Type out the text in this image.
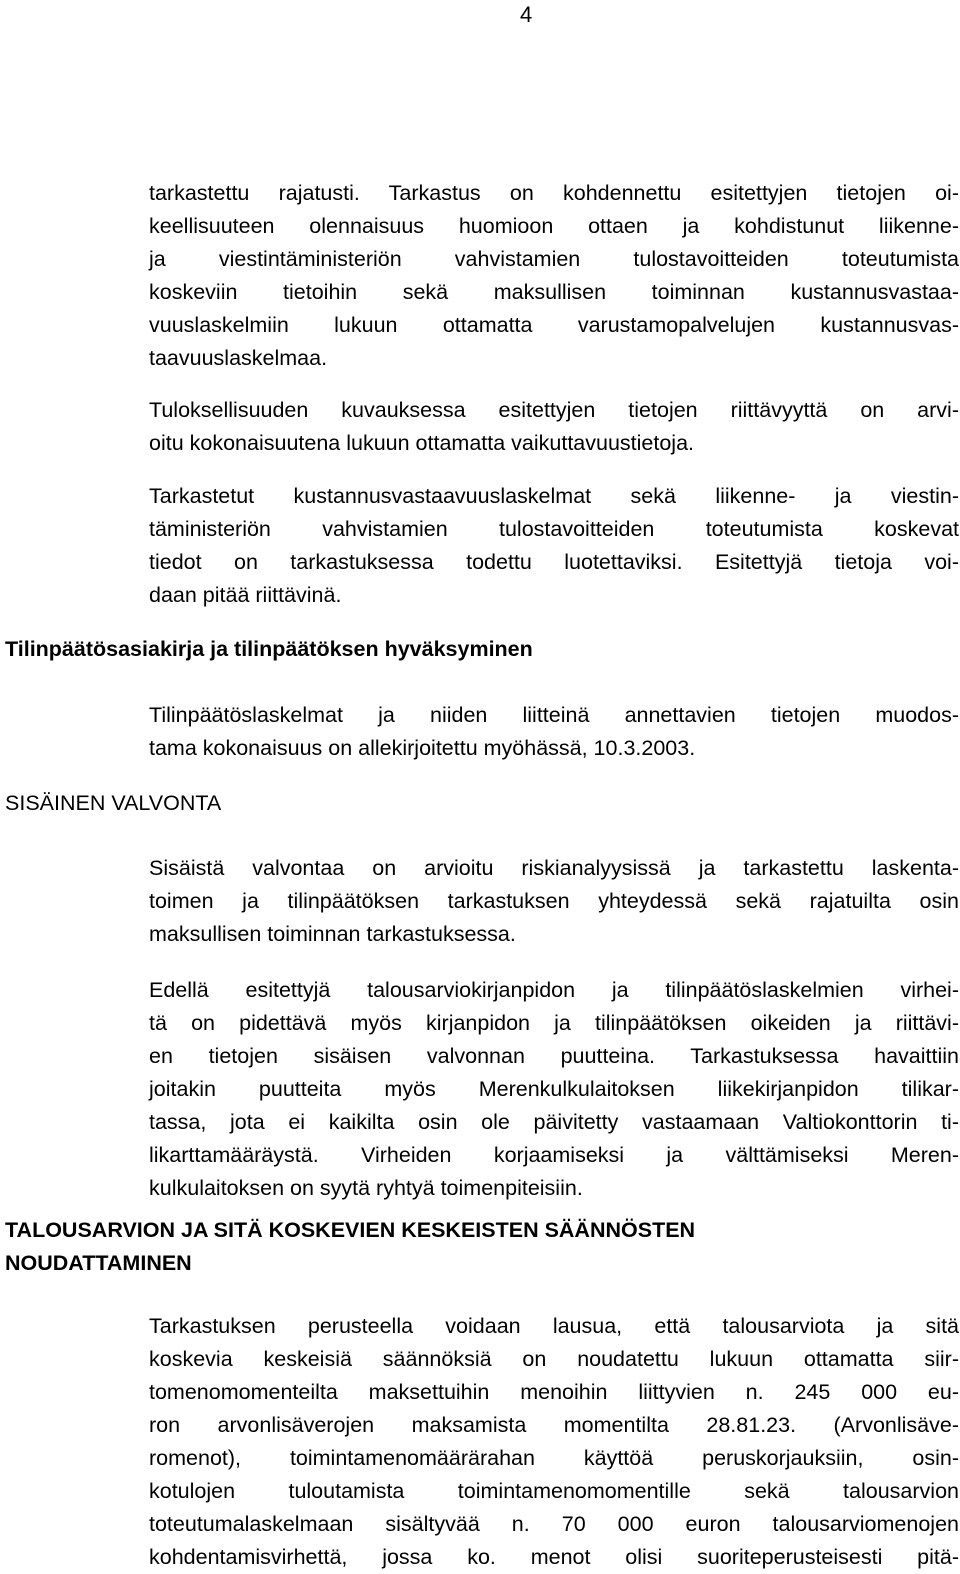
4
tarkastettu rajatusti. Tarkastus on kohdennettu esitettyjen tietojen oi-
keellisuuteen olennaisuus huomioon ottaen ja kohdistunut liikenne-
ja viestintäministeriön vahvistamien tulostavoitteiden toteutumista
koskeviin tietoihin sekä maksullisen toiminnan kustannusvastaa-
vuuslaskelmiin lukuun ottamatta varustamopalvelujen kustannusvas-
taavuuslaskelmaa.
Tuloksellisuuden kuvauksessa esitettyjen tietojen riittävyyttä on arvi-
oitu kokonaisuutena lukuun ottamatta vaikuttavuustietoja.
Tarkastetut kustannusvastaavuuslaskelmat sekä liikenne- ja viestin-
täministeriön vahvistamien tulostavoitteiden toteutumista koskevat
tiedot on tarkastuksessa todettu luotettaviksi. Esitettyjä tietoja voi-
daan pitää riittävinä.
Tilinpäätösasiakirja ja tilinpäätöksen hyväksyminen
Tilinpäätöslaskelmat ja niiden liitteinä annettavien tietojen muodos-
tama kokonaisuus on allekirjoitettu myöhässä, 10.3.2003.
SISÄINEN VALVONTA
Sisäistä valvontaa on arvioitu riskianalyysissä ja tarkastettu laskenta-
toimen ja tilinpäätöksen tarkastuksen yhteydessä sekä rajatuilta osin
maksullisen toiminnan tarkastuksessa.
Edellä esitettyjä talousarviokirjanpidon ja tilinpäätöslaskelmien virhei-
tä on pidettävä myös kirjanpidon ja tilinpäätöksen oikeiden ja riittävi-
en tietojen sisäisen valvonnan puutteina. Tarkastuksessa havaittiin
joitakin puutteita myös Merenkulkulaitoksen liikekirjanpidon tilikar-
tassa, jota ei kaikilta osin ole päivitetty vastaamaan Valtiokonttorin ti-
likarttamääräystä. Virheiden korjaamiseksi ja välttämiseksi Meren-
kulkulaitoksen on syytä ryhtyä toimenpiteisiin.
TALOUSARVION JA SITÄ KOSKEVIEN KESKEISTEN SÄÄNNÖSTEN
NOUDATTAMINEN
Tarkastuksen perusteella voidaan lausua, että talousarviota ja sitä
koskevia keskeisiä säännöksiä on noudatettu lukuun ottamatta siir-
tomenomomenteilta maksettuihin menoihin liittyvien n. 245 000 eu-
ron arvonlisäverojen maksamista momentilta 28.81.23. (Arvonlisäve-
romenot), toimintamenomäärärahan käyttöä peruskorjauksiin, osin-
kotulojen tuloutamista toimintamenomomentille sekä talousarvion
toteutumalaskelmaan sisältyvää n. 70 000 euron talousarviomenojen
kohdentamisvirhettä, jossa ko. menot olisi suoriteperusteisesti pitä-
